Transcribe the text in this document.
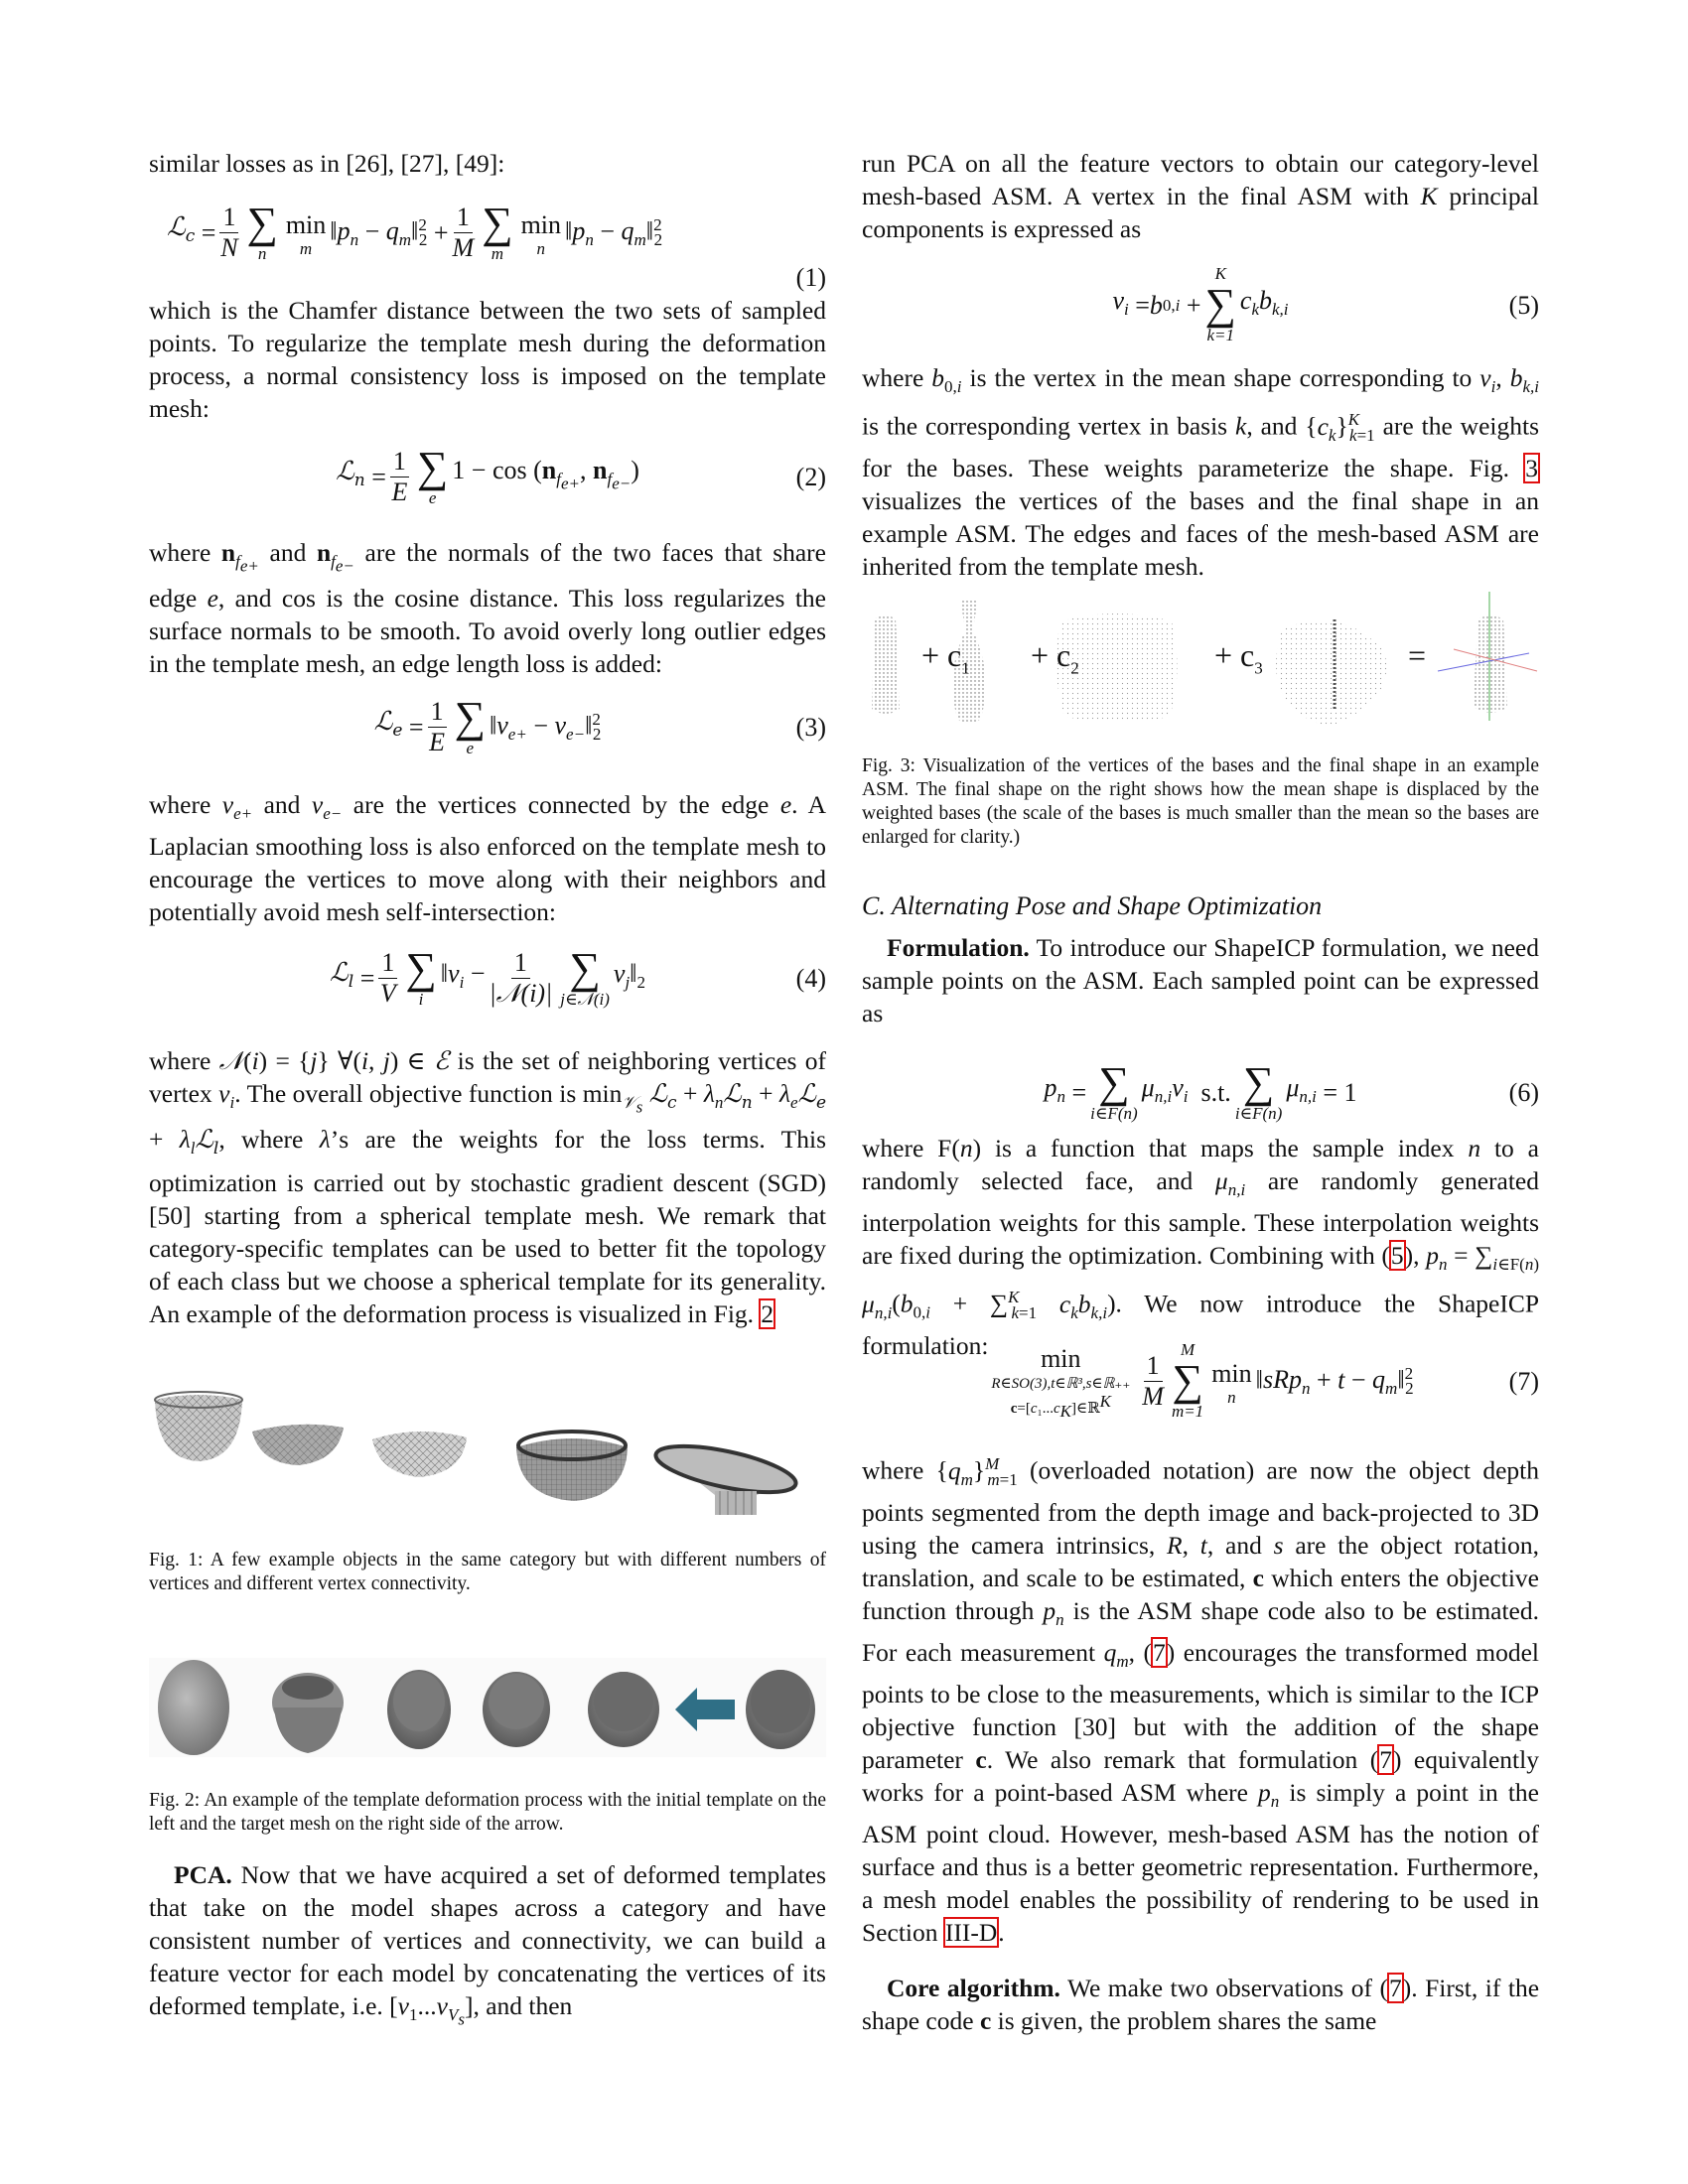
similar losses as in [26], [27], [49]:

ℒ$_c$ = $\frac{1}{N}$ ∑
n
min
m
$‖p_n$ − $q_m‖^2_2 + \frac{1}{M}$ ∑
m
min
n
$‖p_n$ − $q_m‖^2_2$
(1)

which is the Chamfer distance between the two sets of sampled points. To regularize the template mesh during the deformation process, a normal consistency loss is imposed on the template mesh:

ℒ$_n$ = $\frac{1}{E}$ ∑
e
$1 - \cos (n_{f_{e+}}$, $n_{f_{e-}}$)	(2)

where $n_{f_{e+}}$ and $n_{f_{e-}}$ are the normals of the two faces that share edge e, and cos is the cosine distance. This loss regularizes the surface normals to be smooth. To avoid overly long outlier edges in the template mesh, an edge length loss is added:

ℒ$_e$ = $\frac{1}{E}$ ∑
e
$‖v_{e+}$ − $v_{e-}‖^2_2$	(3)

where $v_{e+}$ and $v_{e-}$ are the vertices connected by the edge e. A Laplacian smoothing loss is also enforced on the template mesh to encourage the vertices to move along with their neighbors and potentially avoid mesh self-intersection:

ℒ$_l$ = $\frac{1}{V}$ ∑
i
$‖v_i - \frac{1}{\text{|𝒩(i)|}}$ ∑
j∈𝒩(i)
$v_j‖_2$	(4)

where 𝒩(i) = {j} ∀(i, j) ∈ ℰ is the set of neighboring vertices of vertex $v_i$. The overall objective function is $\min_{𝒱_s}$ ℒ$_c$ + $\lambda_nℒ_n$ + $\lambda_eℒ_e$ + $\lambda_lℒ_l$, where λ’s are the weights for the loss terms. This optimization is carried out by stochastic gradient descent (SGD) [50] starting from a spherical template mesh. We remark that category-specific templates can be used to better fit the topology of each class but we choose a spherical template for its generality. An example of the deformation process is visualized in Fig. 2

Fig. 1: A few example objects in the same category but with different numbers of vertices and different vertex connectivity.

Fig. 2: An example of the template deformation process with the initial template on the left and the target mesh on the right side of the arrow.

PCA. Now that we have acquired a set of deformed templates that take on the model shapes across a category and have consistent number of vertices and connectivity, we can build a feature vector for each model by concatenating the vertices of its deformed template, i.e. $[v_1...v_{V_s}]$, and then

run PCA on all the feature vectors to obtain our category-level mesh-based ASM. A vertex in the final ASM with K principal components is expressed as

$v_i = b$ 0,i +
K
∑
k=1
$c_kb_{k,i}$	(5)

where $b_{0,i}$ is the vertex in the mean shape corresponding to $v_i$, $b_{k,i}$ is the corresponding vertex in basis k, and $\{c_k\}^K_{k=1}$ are the weights for the bases. These weights parameterize the shape. Fig. 3 visualizes the vertices of the bases and the final shape in an example ASM. The edges and faces of the mesh-based ASM are inherited from the template mesh.

+ $c_1 + c_2$	+ $c_3$	=

Fig. 3: Visualization of the vertices of the bases and the final shape in an example ASM. The final shape on the right shows how the mean shape is displaced by the weighted bases (the scale of the bases is much smaller than the mean so the bases are enlarged for clarity.)

C. Alternating Pose and Shape Optimization

Formulation. To introduce our ShapeICP formulation, we need sample points on the ASM. Each sampled point can be expressed as

$p_n$ = ∑
i∈F(n)
$\mu_{n,i}v_i$ s.t. ∑
i∈F(n)
$\mu_{n,i} = 1$	(6)

where F(n) is a function that maps the sample index n to a randomly selected face, and $\mu_{n,i}$ are randomly generated interpolation weights for this sample. These interpolation weights are fixed during the optimization. Combining with (5), $p_n = \sum_{i\in F(n)}$ $\mu_{n,i}(b_{0,i} + \sum^K_{k=1}$ $c_kb_{k,i}$). We now introduce the ShapeICP formulation:	min
R∈SO(3),t∈ℝ³,s∈ℝ₊₊
$c=[c_1...c_K]\in ℝ^K \frac{1}{M}$
M
∑
m=1
min
n
‖sRp$_n$ + $t - q_m‖^2_2$	(7)

where $\{q_m\}^M_{m=1}$ (overloaded notation) are now the object depth points segmented from the depth image and back-projected to 3D using the camera intrinsics, R, t, and s are the object rotation, translation, and scale to be estimated, c which enters the objective function through $p_n$ is the ASM shape code also to be estimated. For each measurement $q_m$, (7) encourages the transformed model points to be close to the measurements, which is similar to the ICP objective function [30] but with the addition of the shape parameter c. We also remark that formulation (7) equivalently works for a point-based ASM where $p_n$ is simply a point in the ASM point cloud. However, mesh-based ASM has the notion of surface and thus is a better geometric representation. Furthermore, a mesh model enables the possibility of rendering to be used in Section III-D.

Core algorithm. We make two observations of (7). First, if the shape code c is given, the problem shares the same
